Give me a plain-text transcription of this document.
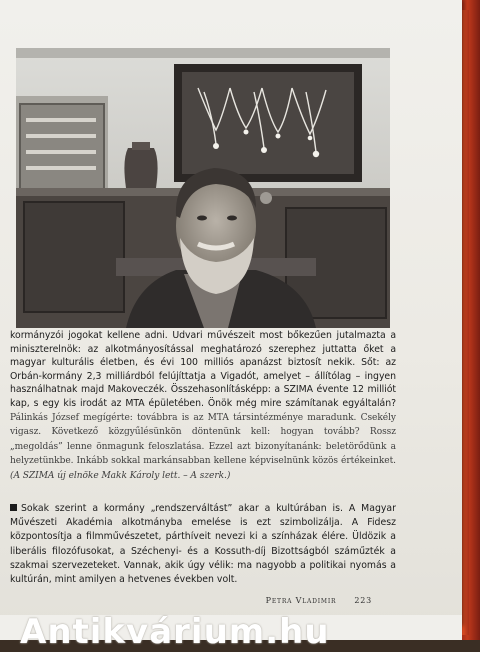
kormányzói jogokat kellene adni. Udvari művészeit most bőkezűen jutalmazta a miniszterelnök: az alkotmányosítással meghatározó szerephez juttatta őket a magyar kulturális életben, és évi 100 milliós apanázst biztosít nekik. Sőt: az Orbán-kormány 2,3 milliárdból felújíttatja a Vigadót, amelyet – állítólag – ingyen használhatnak majd Makoveczék. Összehasonlításképp: a SZIMA évente 12 milliót kap, s egy kis irodát az MTA épületében. Önök még mire számítanak egyáltalán? Pálinkás József megígérte: továbbra is az MTA társintézménye maradunk. Csekély vigasz. Következő közgyűlésünkön döntenünk kell: hogyan tovább? Rossz „megoldás” lenne önmagunk feloszlatása. Ezzel azt bizonyítanánk: beletörődünk a helyzetünkbe. Inkább sokkal markánsabban kellene képviselnünk közös értékeinket. (A SZIMA új elnöke Makk Károly lett. – A szerk.)

Sokak szerint a kormány „rendszerváltást” akar a kultúrában is. A Magyar Művészeti Akadémia alkotmányba emelése is ezt szimbolizálja. A Fidesz központosítja a filmművészetet, párthíveit nevezi ki a színházak élére. Üldözik a liberális filozófusokat, a Széchenyi- és a Kossuth-díj Bizottságból száműzték a szakmai szervezeteket. Vannak, akik úgy vélik: ma nagyobb a politikai nyomás a kultúrán, mint amilyen a hetvenes években volt.
Petra Vladimir 223
Antikvárium.hu
